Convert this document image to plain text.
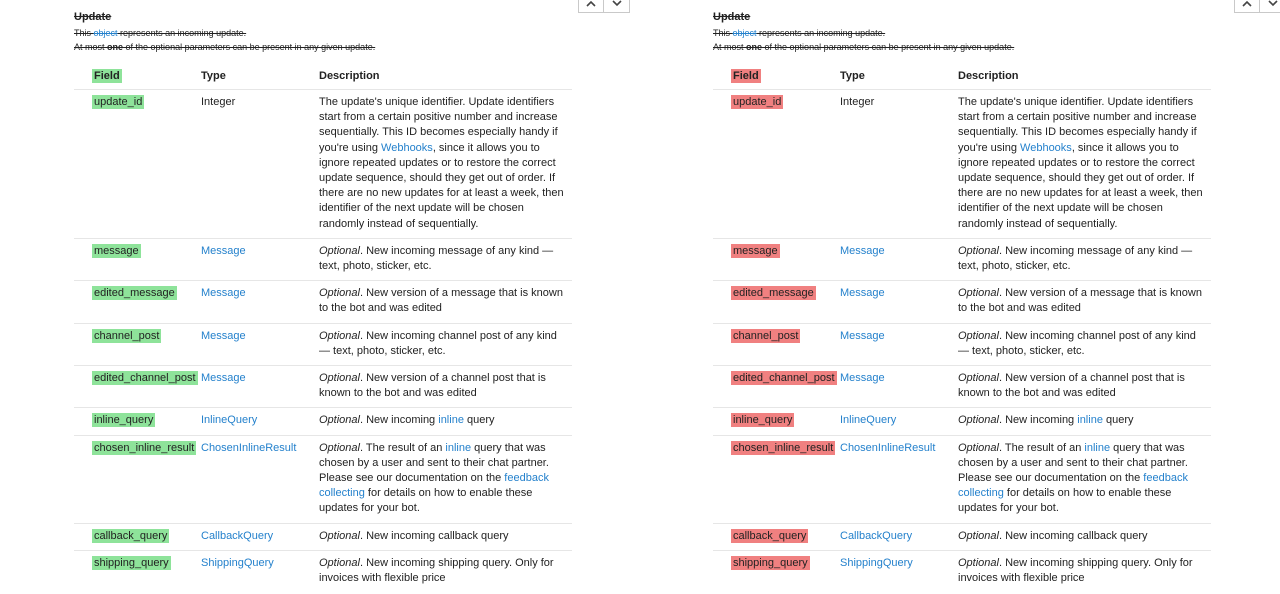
Update
This object represents an incoming update.
At most one of the optional parameters can be present in any given update.
Field	Type	Description
update_id	Integer	The update's unique identifier. Update identifiers start from a certain positive number and increase sequentially. This ID becomes especially handy if you're using Webhooks, since it allows you to ignore repeated updates or to restore the correct update sequence, should they get out of order. If there are no new updates for at least a week, then identifier of the next update will be chosen randomly instead of sequentially.
message	Message	Optional. New incoming message of any kind — text, photo, sticker, etc.
edited_message	Message	Optional. New version of a message that is known to the bot and was edited
channel_post	Message	Optional. New incoming channel post of any kind — text, photo, sticker, etc.
edited_channel_post	Message	Optional. New version of a channel post that is known to the bot and was edited
inline_query	InlineQuery	Optional. New incoming inline query
chosen_inline_result	ChosenInlineResult	Optional. The result of an inline query that was chosen by a user and sent to their chat partner. Please see our documentation on the feedback collecting for details on how to enable these updates for your bot.
callback_query	CallbackQuery	Optional. New incoming callback query
shipping_query	ShippingQuery	Optional. New incoming shipping query. Only for invoices with flexible price
Update
This object represents an incoming update.
At most one of the optional parameters can be present in any given update.
Field	Type	Description
update_id	Integer	The update's unique identifier. Update identifiers start from a certain positive number and increase sequentially. This ID becomes especially handy if you're using Webhooks, since it allows you to ignore repeated updates or to restore the correct update sequence, should they get out of order. If there are no new updates for at least a week, then identifier of the next update will be chosen randomly instead of sequentially.
message	Message	Optional. New incoming message of any kind — text, photo, sticker, etc.
edited_message	Message	Optional. New version of a message that is known to the bot and was edited
channel_post	Message	Optional. New incoming channel post of any kind — text, photo, sticker, etc.
edited_channel_post	Message	Optional. New version of a channel post that is known to the bot and was edited
inline_query	InlineQuery	Optional. New incoming inline query
chosen_inline_result	ChosenInlineResult	Optional. The result of an inline query that was chosen by a user and sent to their chat partner. Please see our documentation on the feedback collecting for details on how to enable these updates for your bot.
callback_query	CallbackQuery	Optional. New incoming callback query
shipping_query	ShippingQuery	Optional. New incoming shipping query. Only for invoices with flexible price
